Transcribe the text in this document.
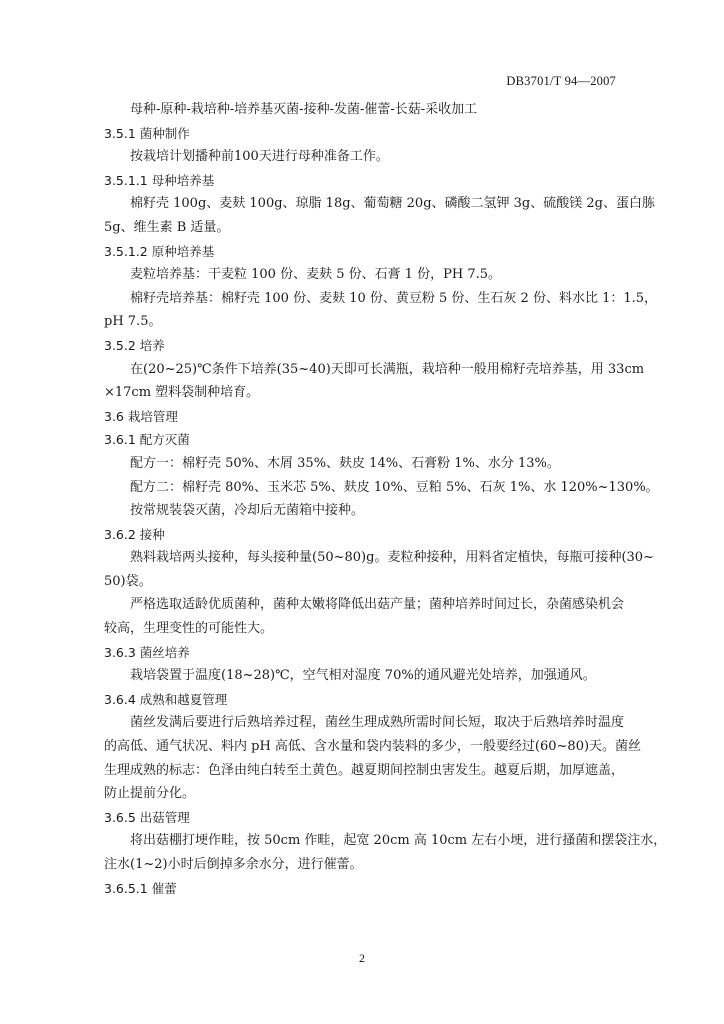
DB3701/T 94—2007
母种-原种-栽培种-培养基灭菌-接种-发菌-催蕾-长菇-采收加工
3.5.1 菌种制作
按栽培计划播种前100天进行母种准备工作。
3.5.1.1 母种培养基
棉籽壳 100g、麦麸 100g、琼脂 18g、葡萄糖 20g、磷酸二氢钾 3g、硫酸镁 2g、蛋白胨
5g、维生素 B 适量。
3.5.1.2 原种培养基
麦粒培养基：干麦粒 100 份、麦麸 5 份、石膏 1 份，PH 7.5。
棉籽壳培养基：棉籽壳 100 份、麦麸 10 份、黄豆粉 5 份、生石灰 2 份、料水比 1：1.5，
pH 7.5。
3.5.2 培养
在(20~25)℃条件下培养(35~40)天即可长满瓶，栽培种一般用棉籽壳培养基，用 33cm
×17cm 塑料袋制种培育。
3.6 栽培管理
3.6.1 配方灭菌
配方一：棉籽壳 50%、木屑 35%、麸皮 14%、石膏粉 1%、水分 13%。
配方二：棉籽壳 80%、玉米芯 5%、麸皮 10%、豆粕 5%、石灰 1%、水 120%~130%。
按常规装袋灭菌，冷却后无菌箱中接种。
3.6.2 接种
熟料栽培两头接种，每头接种量(50~80)g。麦粒种接种，用料省定植快，每瓶可接种(30~
50)袋。
严格选取适龄优质菌种，菌种太嫩将降低出菇产量；菌种培养时间过长，杂菌感染机会
较高，生理变性的可能性大。
3.6.3 菌丝培养
栽培袋置于温度(18~28)℃，空气相对湿度 70%的通风避光处培养，加强通风。
3.6.4 成熟和越夏管理
菌丝发满后要进行后熟培养过程，菌丝生理成熟所需时间长短，取决于后熟培养时温度
的高低、通气状况、料内 pH 高低、含水量和袋内装料的多少，一般要经过(60~80)天。菌丝
生理成熟的标志：色泽由纯白转至土黄色。越夏期间控制虫害发生。越夏后期，加厚遮盖，
防止提前分化。
3.6.5 出菇管理
将出菇棚打埂作畦，按 50cm 作畦，起宽 20cm 高 10cm 左右小埂，进行搔菌和摆袋注水，
注水(1~2)小时后倒掉多余水分，进行催蕾。
3.6.5.1 催蕾
2
